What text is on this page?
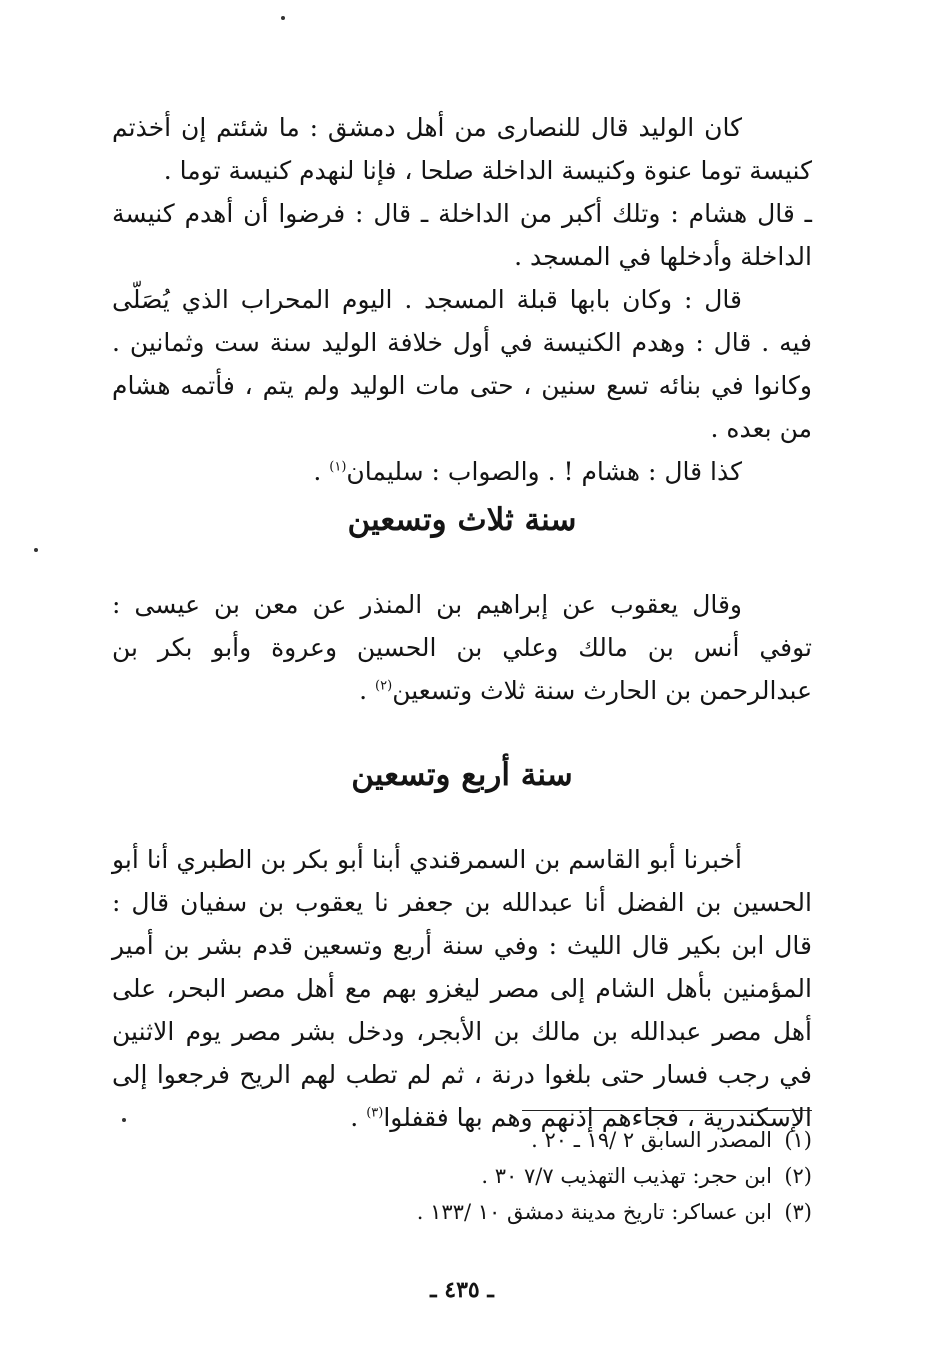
كان الوليد قال للنصارى من أهل دمشق : ما شئتم إن أخذتم كنيسة توما عنوة وكنيسة الداخلة صلحا ، فإنا لنهدم كنيسة توما .

ـ قال هشام : وتلك أكبر من الداخلة ـ قال : فرضوا أن أهدم كنيسة الداخلة وأدخلها في المسجد .

قال : وكان بابها قبلة المسجد . اليوم المحراب الذي يُصَلّى فيه . قال : وهدم الكنيسة في أول خلافة الوليد سنة ست وثمانين . وكانوا في بنائه تسع سنين ، حتى مات الوليد ولم يتم ، فأتمه هشام من بعده .

كذا قال : هشام ! . والصواب : سليمان$^{(١)}$ .

سنة ثلاث وتسعين

وقال يعقوب عن إبراهيم بن المنذر عن معن بن عيسى : توفي أنس بن مالك وعلي بن الحسين وعروة وأبو بكر بن عبدالرحمن بن الحارث سنة ثلاث وتسعين$^{(٢)}$ .

سنة أربع وتسعين

أخبرنا أبو القاسم بن السمرقندي أبنا أبو بكر بن الطبري أنا أبو الحسين بن الفضل أنا عبدالله بن جعفر نا يعقوب بن سفيان قال : قال ابن بكير قال الليث : وفي سنة أربع وتسعين قدم بشر بن أمير المؤمنين بأهل الشام إلى مصر ليغزو بهم مع أهل مصر البحر، على أهل مصر عبدالله بن مالك بن الأبجر، ودخل بشر مصر يوم الاثنين في رجب فسار حتى بلغوا درنة ، ثم لم تطب لهم الريح فرجعوا إلى الإسكندرية ، فجاءهم إذنهم وهم بها فقفلوا$^{(٣)}$ .

(١)
المصدر السابق ٢ /١٩ ـ ٢٠ .
(٢)
ابن حجر: تهذيب التهذيب ٧/٧ ٣٠ .
(٣)
ابن عساكر: تاريخ مدينة دمشق ١٠ /١٣٣ .
ـ ٤٣٥ ـ
